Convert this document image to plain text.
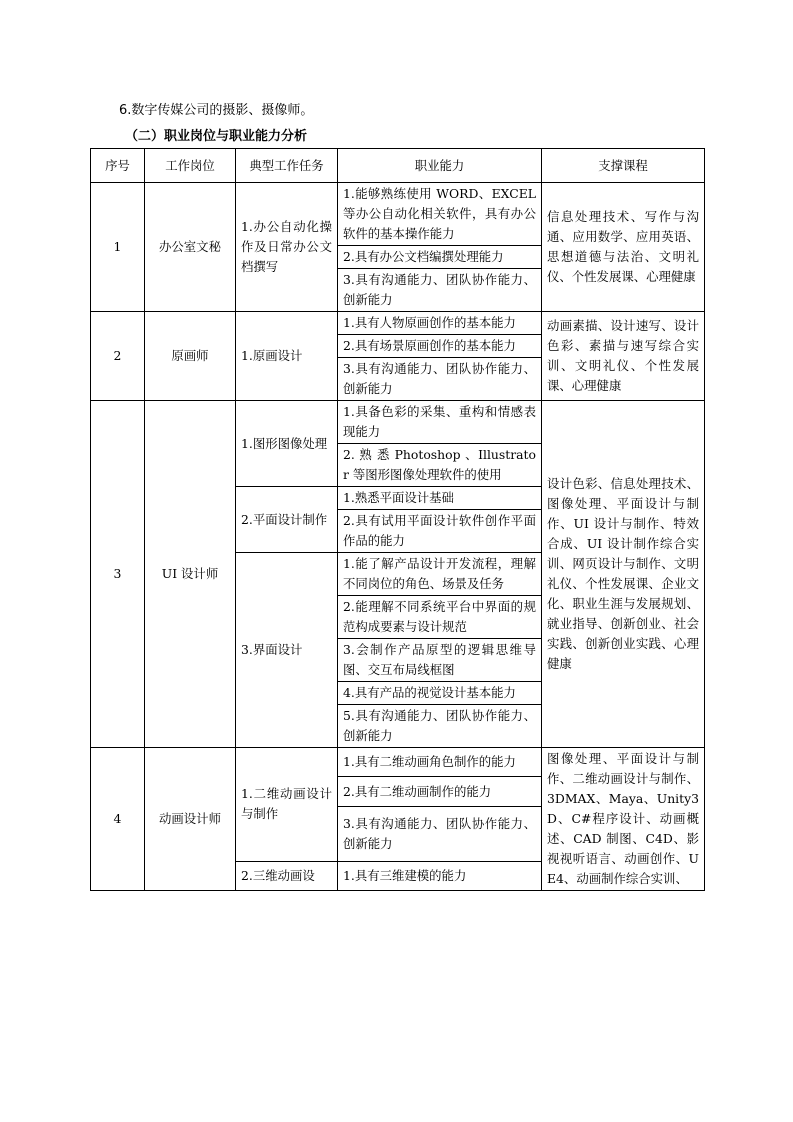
6.数字传媒公司的摄影、摄像师。
（二）职业岗位与职业能力分析
序号	工作岗位	典型工作任务	职业能力	支撑课程
1	办公室文秘	1.办公自动化操作及日常办公文档撰写	1.能够熟练使用 WORD、EXCEL 等办公自动化相关软件，具有办公软件的基本操作能力	信息处理技术、写作与沟通、应用数学、应用英语、思想道德与法治、文明礼仪、个性发展课、心理健康
			2.具有办公文档编撰处理能力	
			3.具有沟通能力、团队协作能力、创新能力	
2	原画师	1.原画设计	1.具有人物原画创作的基本能力	动画素描、设计速写、设计色彩、素描与速写综合实训、文明礼仪、个性发展课、心理健康
			2.具有场景原画创作的基本能力	
			3.具有沟通能力、团队协作能力、创新能力	
3	UI 设计师	1.图形图像处理	1.具备色彩的采集、重构和情感表现能力	设计色彩、信息处理技术、图像处理、平面设计与制作、UI 设计与制作、特效合成、UI 设计制作综合实训、网页设计与制作、文明礼仪、个性发展课、企业文化、职业生涯与发展规划、就业指导、创新创业、社会实践、创新创业实践、心理健康
			2. 熟 悉 Photoshop 、Illustrator 等图形图像处理软件的使用	
		2.平面设计制作	1.熟悉平面设计基础	
			2.具有试用平面设计软件创作平面作品的能力	
		3.界面设计	1.能了解产品设计开发流程，理解不同岗位的角色、场景及任务	
			2.能理解不同系统平台中界面的规范构成要素与设计规范	
			3.会制作产品原型的逻辑思维导图、交互布局线框图	
			4.具有产品的视觉设计基本能力	
			5.具有沟通能力、团队协作能力、创新能力	
4	动画设计师	1.二维动画设计与制作	1.具有二维动画角色制作的能力	图像处理、平面设计与制作、二维动画设计与制作、3DMAX、Maya、Unity3D、C#程序设计、动画概述、CAD 制图、C4D、影视视听语言、动画创作、UE4、动画制作综合实训、
			2.具有二维动画制作的能力	
			3.具有沟通能力、团队协作能力、创新能力	
		2.三维动画设	1.具有三维建模的能力	
